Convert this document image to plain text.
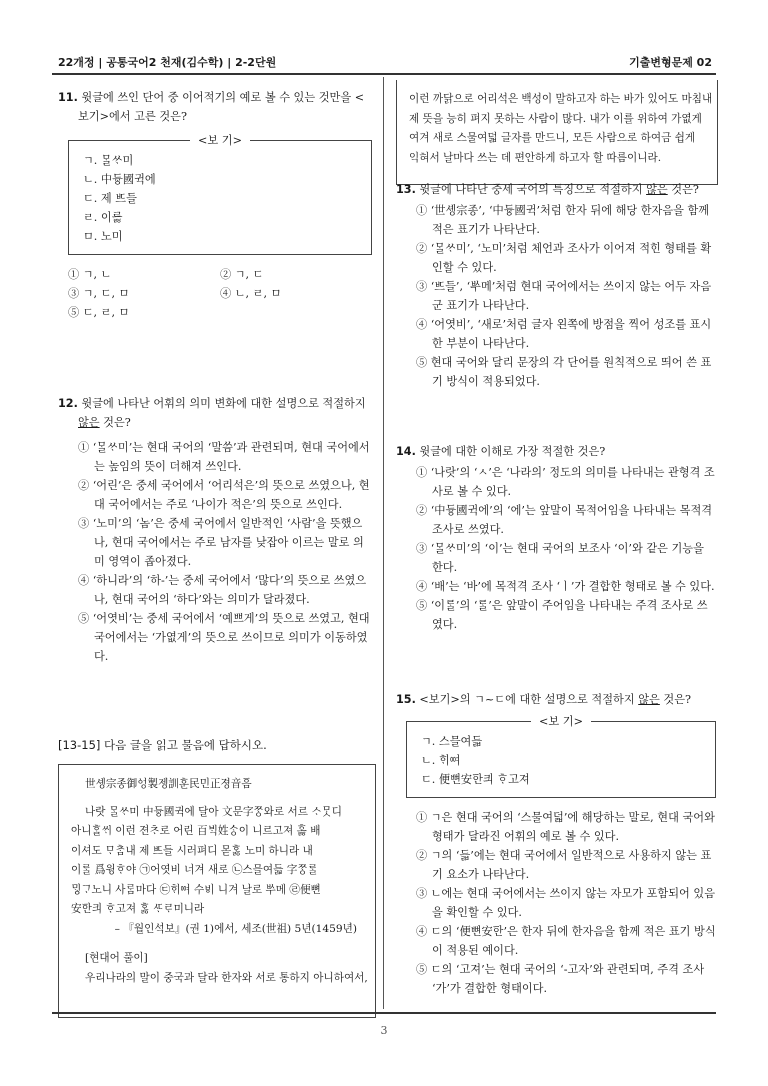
22개정 | 공통국어2 천재(김수학) | 2-2단원	기출변형문제 02

11. 윗글에 쓰인 단어 중 이어적기의 예로 볼 수 있는 것만을 <보기>에서 고른 것은?

<보 기>
ㄱ. ᄆᆞᆯᄊᆞ미
ㄴ. 中듀ᇰ國귁에
ㄷ. 제 ᄠᅳ들
ㄹ. 이르ᇙ
ㅁ. 노미
① ㄱ, ㄴ	② ㄱ, ㄷ
③ ㄱ, ㄷ, ㅁ	④ ㄴ, ㄹ, ㅁ
⑤ ㄷ, ㄹ, ㅁ

12. 윗글에 나타난 어휘의 의미 변화에 대한 설명으로 적절하지 않은 것은?

① ‘ᄆᆞᆯᄊᆞ미’는 현대 국어의 ‘말씀’과 관련되며, 현대 국어에서는 높임의 뜻이 더해져 쓰인다.
② ‘어린’은 중세 국어에서 ‘어리석은’의 뜻으로 쓰였으나, 현대 국어에서는 주로 ‘나이가 적은’의 뜻으로 쓰인다.
③ ‘노미’의 ‘놈’은 중세 국어에서 일반적인 ‘사람’을 뜻했으나, 현대 국어에서는 주로 남자를 낮잡아 이르는 말로 의미 영역이 좁아졌다.
④ ‘하니라’의 ‘하-’는 중세 국어에서 ‘많다’의 뜻으로 쓰였으나, 현대 국어의 ‘하다’와는 의미가 달라졌다.
⑤ ‘어엿비’는 중세 국어에서 ‘예쁘게’의 뜻으로 쓰였고, 현대 국어에서는 ‘가엾게’의 뜻으로 쓰이므로 의미가 이동하였다.
[13-15] 다음 글을 읽고 물음에 답하시오.
世솅宗종御ᅌᅥᆼ製젱訓훈民민正졍音ᅙᅳᆷ
나랏 ᄆᆞᆯᄊᆞ미 中듀ᇰ國귁에 달아 文문字ᄍᆞᆼ와로 서르 ᄉᆞᄆᆞᆺ디
아니ᄒᆞᆯᄊᆡ 이런 젼ᄎᆞ로 어린 百ᄇᆡᆨ姓ᄉᆞᆼ이 니르고져 호ᇙ 배
이셔도 ᄆᆞᄎᆞᆷ내 제 ᄠᅳ들 시러펴디 몯ᄒᆞᇙ 노미 하니라 내
이ᄅᆞᆯ 爲윙ᄒᆞ야 ㉠어엿비 너겨 새로 ㉡스믈여듧 字ᄍᆞᆼᄅᆞᆯ
ᄆᆡᇰᄀᆞ노니 사ᄅᆞᆷ마다 ㉢ᄒᆡᅇᅧ 수ᄫᅵ 니겨 날로 ᄡᅮ메 ㉣便뼌
安ᅙᅡᆫ킈 ᄒᆞ고져 ᄒᆞᇙ ᄯᆞᄅᆞ미니라
– 『월인석보』(권 1)에서, 세조(世祖) 5년(1459년)
[현대어 풀이]
우리나라의 말이 중국과 달라 한자와 서로 통하지 아니하여서,
이런 까닭으로 어리석은 백성이 말하고자 하는 바가 있어도 마침내
제 뜻을 능히 펴지 못하는 사람이 많다. 내가 이를 위하여 가엾게
여겨 새로 스물여덟 글자를 만드니, 모든 사람으로 하여금 쉽게
익혀서 날마다 쓰는 데 편안하게 하고자 할 따름이니라.

13. 윗글에 나타난 중세 국어의 특징으로 적절하지 않은 것은?

① ‘世솅宗종’, ‘中듀ᇰ國귁’처럼 한자 뒤에 해당 한자음을 함께 적은 표기가 나타난다.
② ‘ᄆᆞᆯᄊᆞ미’, ‘노미’처럼 체언과 조사가 이어져 적힌 형태를 확인할 수 있다.
③ ‘ᄠᅳ들’, ‘ᄡᅮ메’처럼 현대 국어에서는 쓰이지 않는 어두 자음군 표기가 나타난다.
④ ‘어엿비’, ‘새로’처럼 글자 왼쪽에 방점을 찍어 성조를 표시한 부분이 나타난다.
⑤ 현대 국어와 달리 문장의 각 단어를 원칙적으로 띄어 쓴 표기 방식이 적용되었다.

14. 윗글에 대한 이해로 가장 적절한 것은?

① ‘나랏’의 ‘ㅅ’은 ‘나라의’ 정도의 의미를 나타내는 관형격 조사로 볼 수 있다.
② ‘中듀ᇰ國귁에’의 ‘에’는 앞말이 목적어임을 나타내는 목적격 조사로 쓰였다.
③ ‘ᄆᆞᆯᄊᆞ미’의 ‘이’는 현대 국어의 보조사 ‘이’와 같은 기능을 한다.
④ ‘배’는 ‘바’에 목적격 조사 ‘ㅣ’가 결합한 형태로 볼 수 있다.
⑤ ‘이ᄅᆞᆯ’의 ‘ᄅᆞᆯ’은 앞말이 주어임을 나타내는 주격 조사로 쓰였다.

15. <보기>의 ㄱ~ㄷ에 대한 설명으로 적절하지 않은 것은?

<보 기>
ㄱ. 스믈여듧
ㄴ. ᄒᆡᅇᅧ
ㄷ. 便뼌安ᅙᅡᆫ킈 ᄒᆞ고져
① ㄱ은 현대 국어의 ‘스물여덟’에 해당하는 말로, 현대 국어와 형태가 달라진 어휘의 예로 볼 수 있다.
② ㄱ의 ‘듧’에는 현대 국어에서 일반적으로 사용하지 않는 표기 요소가 나타난다.
③ ㄴ에는 현대 국어에서는 쓰이지 않는 자모가 포함되어 있음을 확인할 수 있다.
④ ㄷ의 ‘便뼌安ᅙᅡᆫ’은 한자 뒤에 한자음을 함께 적은 표기 방식이 적용된 예이다.
⑤ ㄷ의 ‘고져’는 현대 국어의 ‘-고자’와 관련되며, 주격 조사 ‘가’가 결합한 형태이다.
3
